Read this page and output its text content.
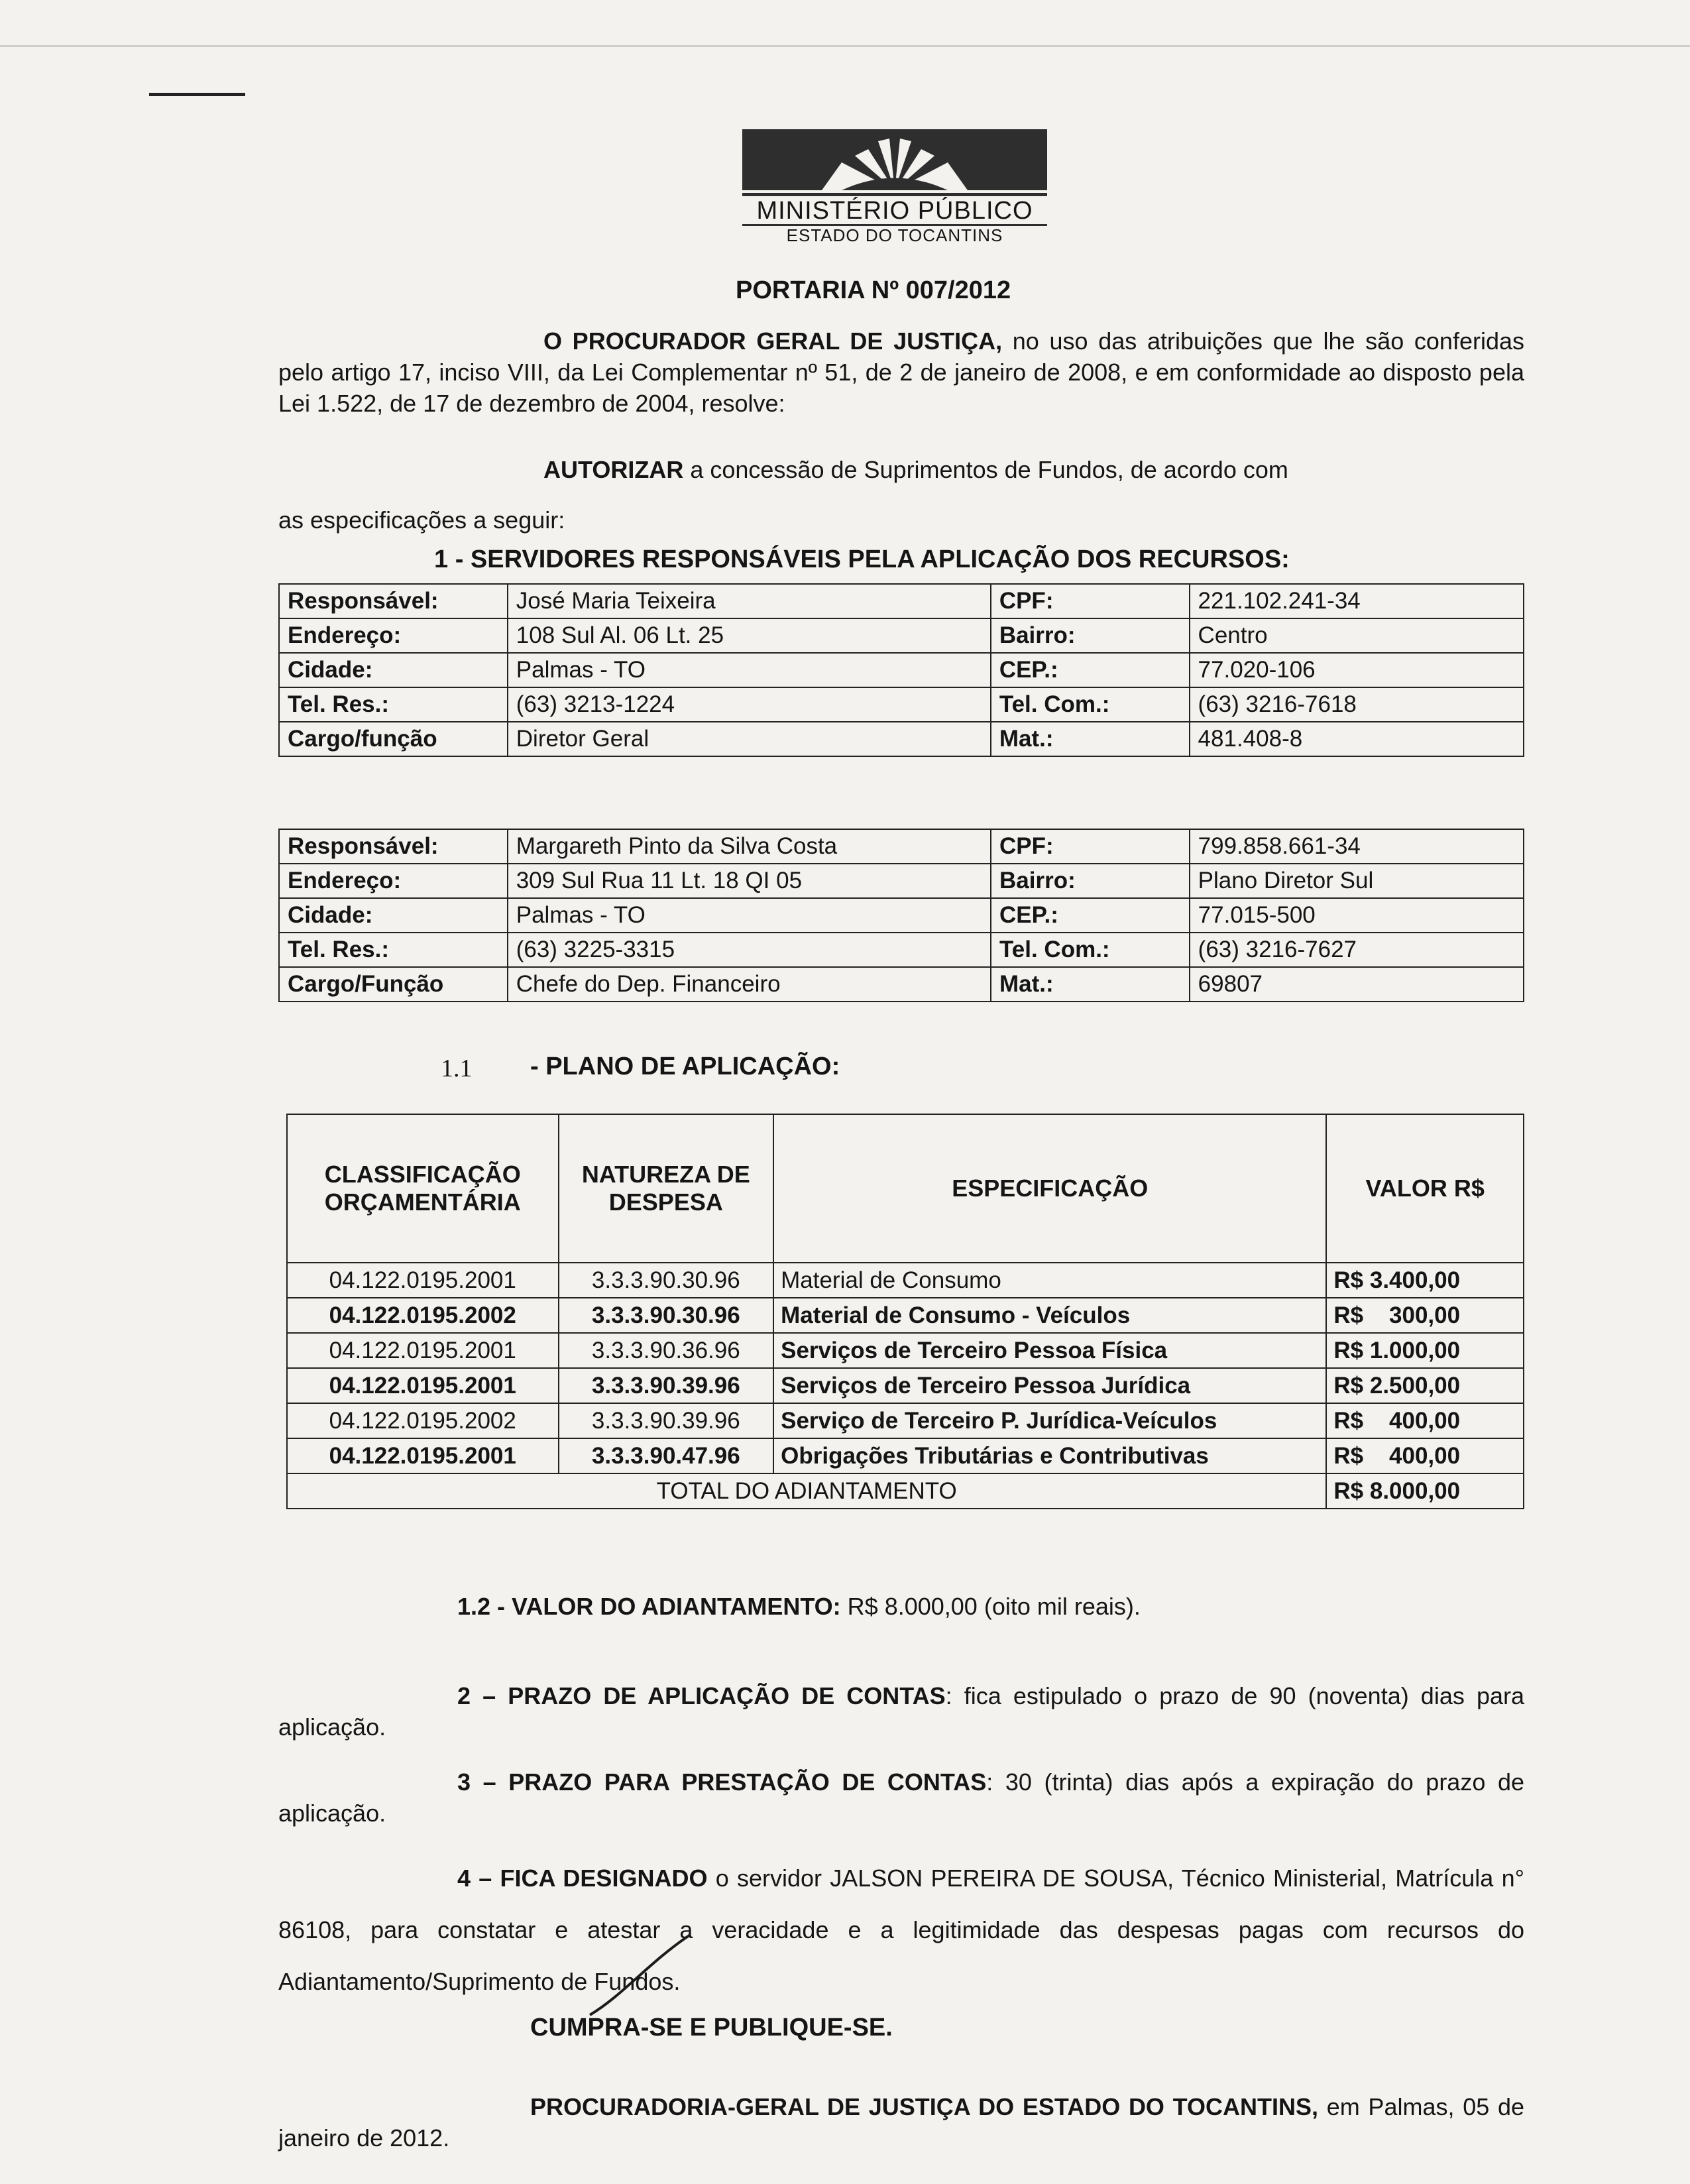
MINISTÉRIO PÚBLICO
ESTADO DO TOCANTINS
PORTARIA Nº 007/2012
O PROCURADOR GERAL DE JUSTIÇA, no uso das atribuições que lhe são conferidas pelo artigo 17, inciso VIII, da Lei Complementar nº 51, de 2 de janeiro de 2008, e em conformidade ao disposto pela Lei 1.522, de 17 de dezembro de 2004, resolve:
AUTORIZAR a concessão de Suprimentos de Fundos, de acordo com
as especificações a seguir:
1 - SERVIDORES RESPONSÁVEIS PELA APLICAÇÃO DOS RECURSOS:
Responsável:	José Maria Teixeira	CPF:	221.102.241-34
Endereço:	108 Sul Al. 06 Lt. 25	Bairro:	Centro
Cidade:	Palmas - TO	CEP.:	77.020-106
Tel. Res.:	(63) 3213-1224	Tel. Com.:	(63) 3216-7618
Cargo/função	Diretor Geral	Mat.:	481.408-8
Responsável:	Margareth Pinto da Silva Costa	CPF:	799.858.661-34
Endereço:	309 Sul Rua 11 Lt. 18 QI 05	Bairro:	Plano Diretor Sul
Cidade:	Palmas - TO	CEP.:	77.015-500
Tel. Res.:	(63) 3225-3315	Tel. Com.:	(63) 3216-7627
Cargo/Função	Chefe do Dep. Financeiro	Mat.:	69807
1.1 - PLANO DE APLICAÇÃO:
CLASSIFICAÇÃO ORÇAMENTÁRIA	NATUREZA DE DESPESA	ESPECIFICAÇÃO	VALOR R$
04.122.0195.2001	3.3.3.90.30.96	Material de Consumo	R$ 3.400,00
04.122.0195.2002	3.3.3.90.30.96	Material de Consumo - Veículos	R$    300,00
04.122.0195.2001	3.3.3.90.36.96	Serviços de Terceiro Pessoa Física	R$ 1.000,00
04.122.0195.2001	3.3.3.90.39.96	Serviços de Terceiro Pessoa Jurídica	R$ 2.500,00
04.122.0195.2002	3.3.3.90.39.96	Serviço de Terceiro P. Jurídica-Veículos	R$    400,00
04.122.0195.2001	3.3.3.90.47.96	Obrigações Tributárias e Contributivas	R$    400,00
TOTAL DO ADIANTAMENTO			R$ 8.000,00
1.2 - VALOR DO ADIANTAMENTO: R$ 8.000,00 (oito mil reais).
2 – PRAZO DE APLICAÇÃO DE CONTAS: fica estipulado o prazo de 90 (noventa) dias para aplicação.
3 – PRAZO PARA PRESTAÇÃO DE CONTAS: 30 (trinta) dias após a expiração do prazo de aplicação.
4 – FICA DESIGNADO o servidor JALSON PEREIRA DE SOUSA, Técnico Ministerial, Matrícula n° 86108, para constatar e atestar a veracidade e a legitimidade das despesas pagas com recursos do Adiantamento/Suprimento de Fundos.
CUMPRA-SE E PUBLIQUE-SE.
PROCURADORIA-GERAL DE JUSTIÇA DO ESTADO DO TOCANTINS, em Palmas, 05 de janeiro de 2012.
